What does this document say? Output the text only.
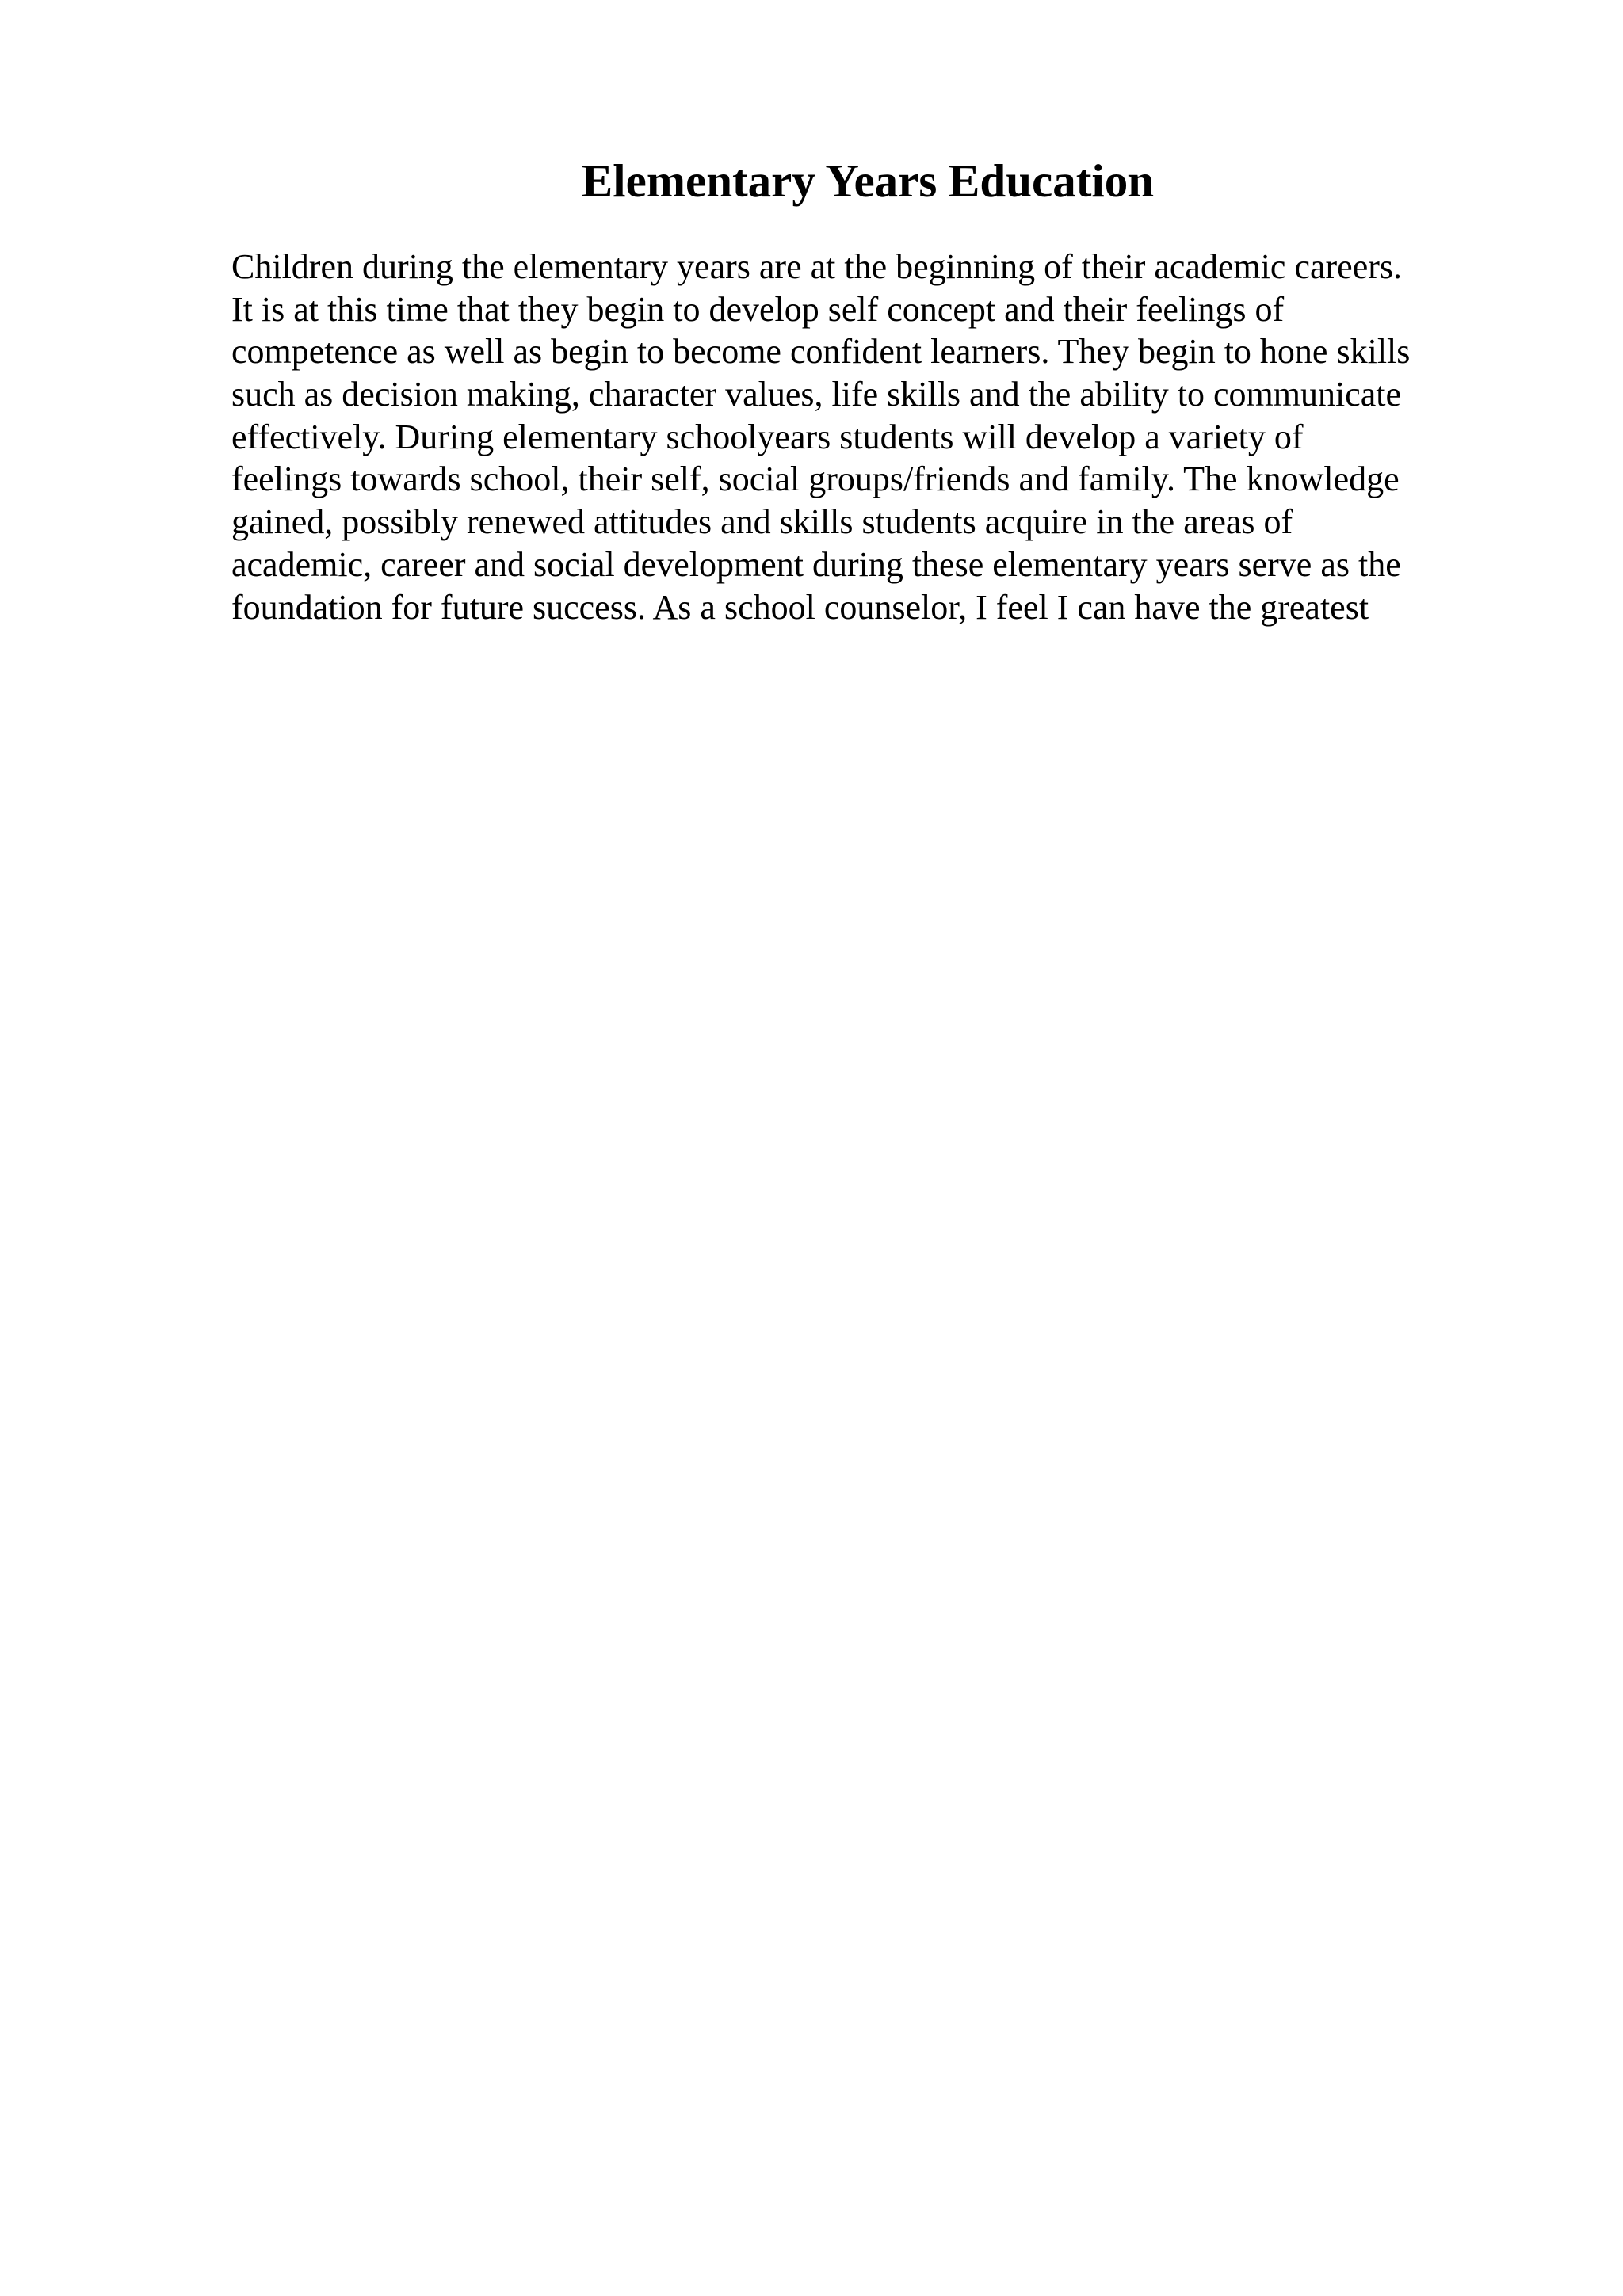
Elementary Years Education

Children during the elementary years are at the beginning of their academic careers.
It is at this time that they begin to develop self concept and their feelings of
competence as well as begin to become confident learners. They begin to hone skills
such as decision making, character values, life skills and the ability to communicate
effectively. During elementary schoolyears students will develop a variety of
feelings towards school, their self, social groups/friends and family. The knowledge
gained, possibly renewed attitudes and skills students acquire in the areas of
academic, career and social development during these elementary years serve as the
foundation for future success. As a school counselor, I feel I can have the greatest
